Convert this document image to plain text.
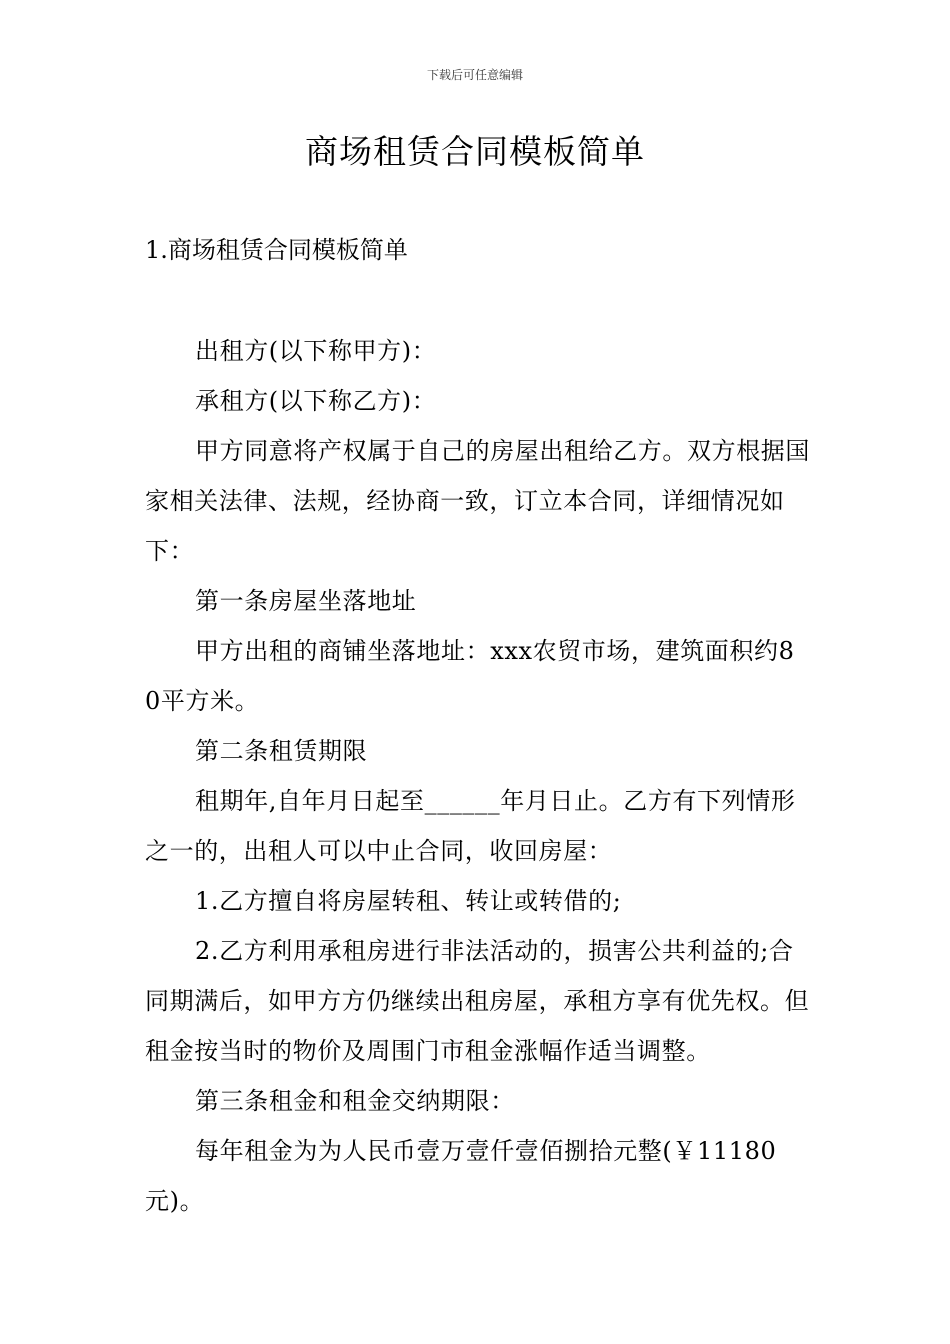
下载后可任意编辑
商场租赁合同模板简单
1.商场租赁合同模板简单

出租方(以下称甲方)：

承租方(以下称乙方)：

甲方同意将产权属于自己的房屋出租给乙方。双方根据国家相关法律、法规，经协商一致，订立本合同，详细情况如下：

第一条房屋坐落地址

甲方出租的商铺坐落地址：xxx农贸市场，建筑面积约80平方米。

第二条租赁期限

租期年,自年月日起至______年月日止。乙方有下列情形之一的，出租人可以中止合同，收回房屋：

1.乙方擅自将房屋转租、转让或转借的;

2.乙方利用承租房进行非法活动的，损害公共利益的;合同期满后，如甲方方仍继续出租房屋，承租方享有优先权。但租金按当时的物价及周围门市租金涨幅作适当调整。

第三条租金和租金交纳期限：

每年租金为为人民币壹万壹仟壹佰捌拾元整(￥11180元)。
